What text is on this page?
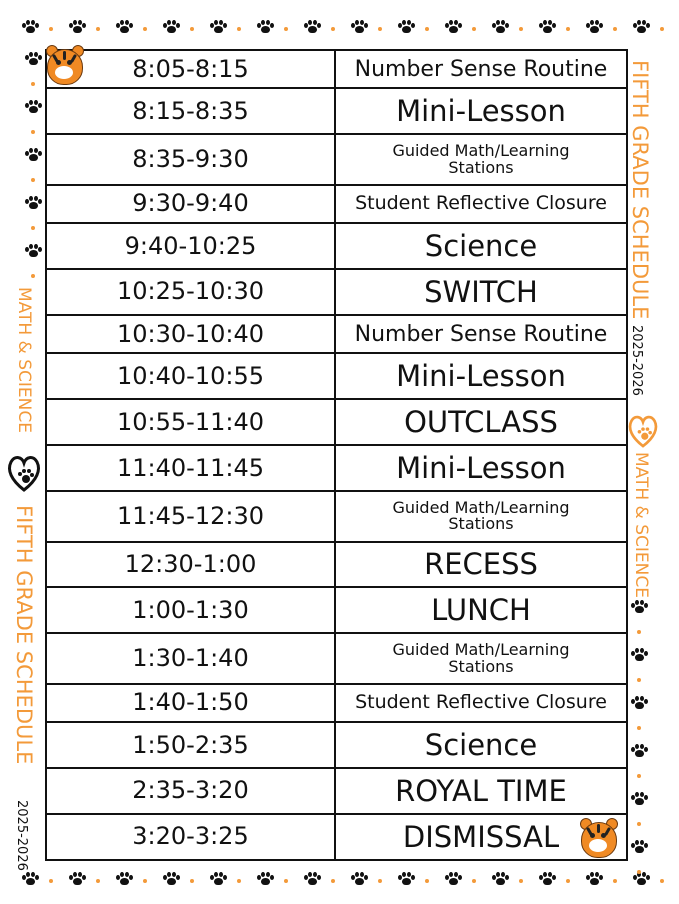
MATH & SCIENCE
FIFTH GRADE SCHEDULE
2025-2026
FIFTH GRADE SCHEDULE
2025-2026
MATH & SCIENCE
8:05-8:15	Number Sense Routine
8:15-8:35	Mini-Lesson
8:35-9:30	Guided Math/Learning
Stations

9:30-9:40	Student Reflective Closure
9:40-10:25	Science
10:25-10:30	SWITCH
10:30-10:40	Number Sense Routine
10:40-10:55	Mini-Lesson
10:55-11:40	OUTCLASS
11:40-11:45	Mini-Lesson
11:45-12:30	Guided Math/Learning
Stations

12:30-1:00	RECESS
1:00-1:30	LUNCH
1:30-1:40	Guided Math/Learning
Stations

1:40-1:50	Student Reflective Closure
1:50-2:35	Science
2:35-3:20	ROYAL TIME
3:20-3:25	DISMISSAL
